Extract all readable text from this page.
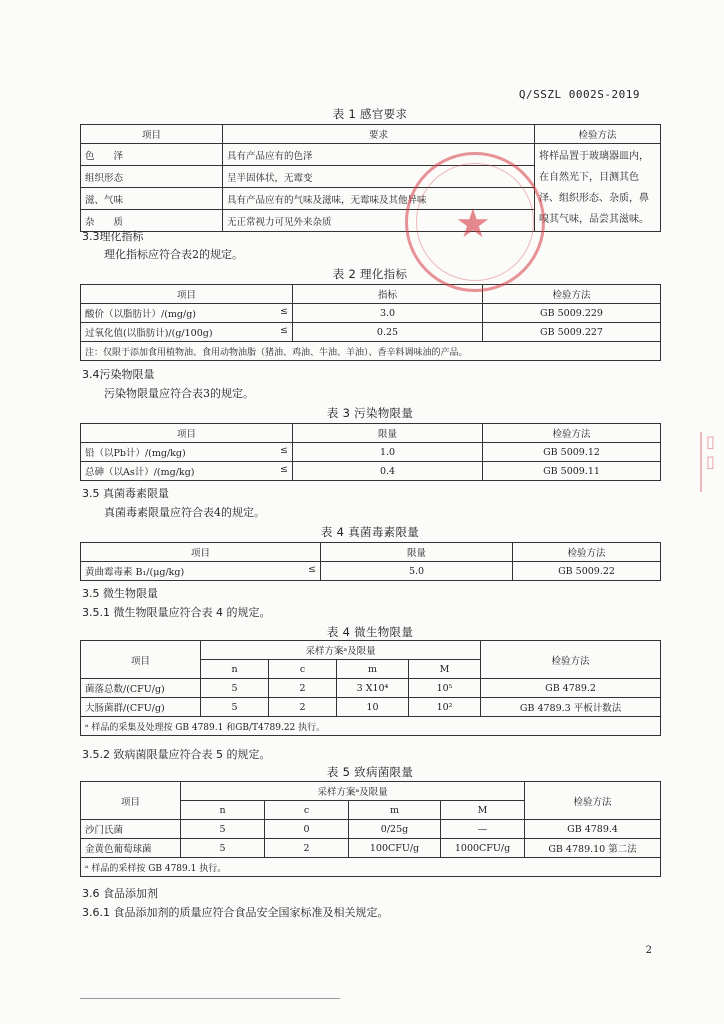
Q/SSZL 0002S-2019
表 1 感官要求
项目	要求	检验方法
色　　泽	具有产品应有的色泽	将样品置于玻璃器皿内，在自然光下，目测其色泽、组织形态、杂质，鼻嗅其气味，品尝其滋味。
组织形态	呈半固体状，无霉变	
滋、气味	具有产品应有的气味及滋味，无霉味及其他异味	
杂　　质	无正常视力可见外来杂质	
3.3理化指标
理化指标应符合表2的规定。
表 2 理化指标
项目	指标	检验方法
酸价（以脂肪计）/(mg/g) ≤	3.0	GB 5009.229
过氧化值(以脂肪计)/(g/100g) ≤	0.25	GB 5009.227
注：仅限于添加食用植物油、食用动物油脂（猪油、鸡油、牛油、羊油）、香辛料调味油的产品。		
3.4污染物限量
污染物限量应符合表3的规定。
表 3 污染物限量
项目	限量	检验方法
铅（以Pb计）/(mg/kg) ≤	1.0	GB 5009.12
总砷（以As计）/(mg/kg) ≤	0.4	GB 5009.11
3.5 真菌毒素限量
真菌毒素限量应符合表4的规定。
表 4 真菌毒素限量
项目	限量	检验方法
黄曲霉毒素 B₁/(μg/kg) ≤	5.0	GB 5009.22
3.5 微生物限量
3.5.1 微生物限量应符合表 4 的规定。
表 4 微生物限量
项目	采样方案ᵃ及限量				检验方法
	n	c	m	M	
菌落总数/(CFU/g)	5	2	3 X10⁴	10⁵	GB 4789.2
大肠菌群/(CFU/g)	5	2	10	10²	GB 4789.3 平板计数法
ᵃ 样品的采集及处理按 GB 4789.1 和GB/T4789.22 执行。					
3.5.2 致病菌限量应符合表 5 的规定。
表 5 致病菌限量
项目	采样方案ᵃ及限量				检验方法
	n	c	m	M	
沙门氏菌	5	0	0/25g	—	GB 4789.4
金黄色葡萄球菌	5	2	100CFU/g	1000CFU/g	GB 4789.10 第二法
ᵃ 样品的采样按 GB 4789.1 执行。					
3.6 食品添加剂
3.6.1 食品添加剂的质量应符合食品安全国家标准及相关规定。
★
▯
▯
2
